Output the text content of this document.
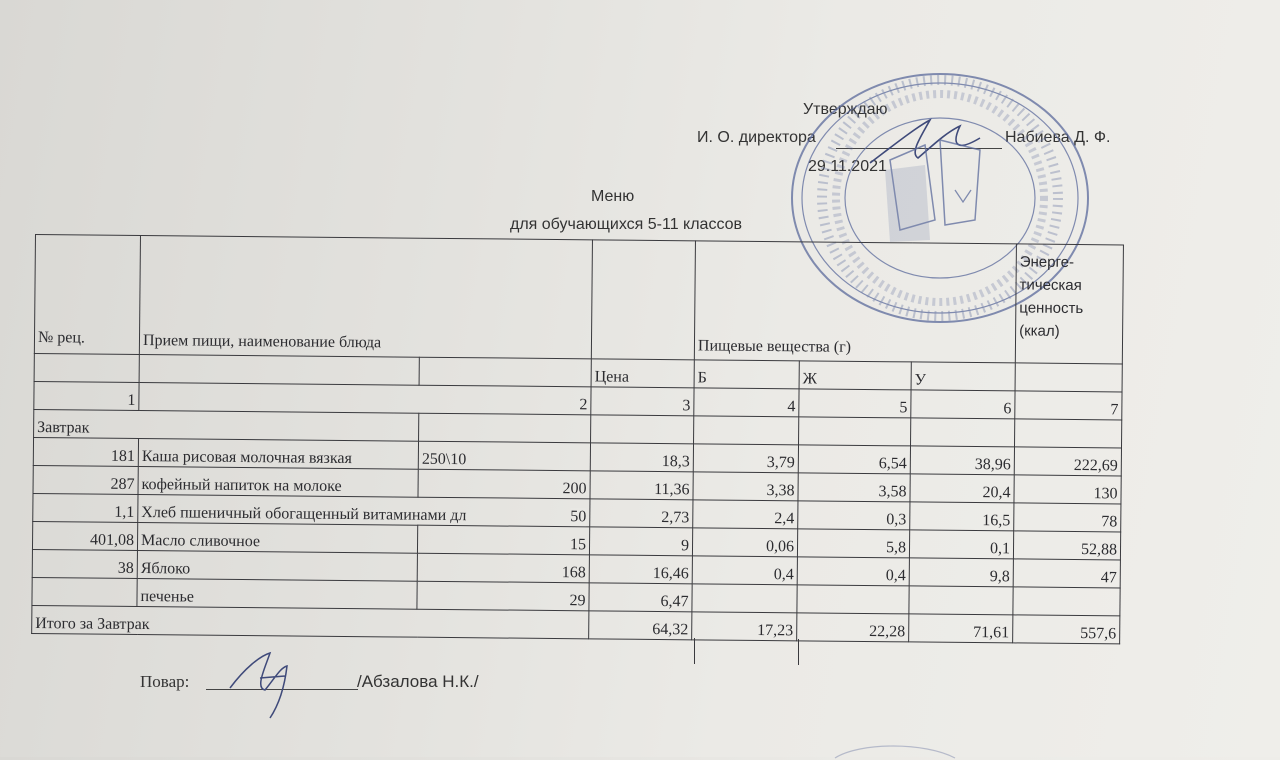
Утверждаю
И. О. директора	Набиева Д. Ф.
29.11.2021
Меню
для обучающихся 5-11 классов
№ рец.	Прием пищи, наименование блюда			Пищевые вещества (г)			Энерге-тическая ценность (ккал)
			Цена	Б	Ж	У	
1	2		3	4	5	6	7
Завтрак							
181	Каша рисовая молочная вязкая	250\10	18,3	3,79	6,54	38,96	222,69
287	кофейный напиток на молоке	200	11,36	3,38	3,58	20,4	130
1,1	Хлеб пшеничный обогащенный витаминами дл 50		2,73	2,4	0,3	16,5	78
401,08	Масло сливочное	15	9	0,06	5,8	0,1	52,88
38	Яблоко	168	16,46	0,4	0,4	9,8	47
	печенье	29	6,47				
Итого за Завтрак			64,32	17,23	22,28	71,61	557,6
Повар:	/Абзалова Н.К./
